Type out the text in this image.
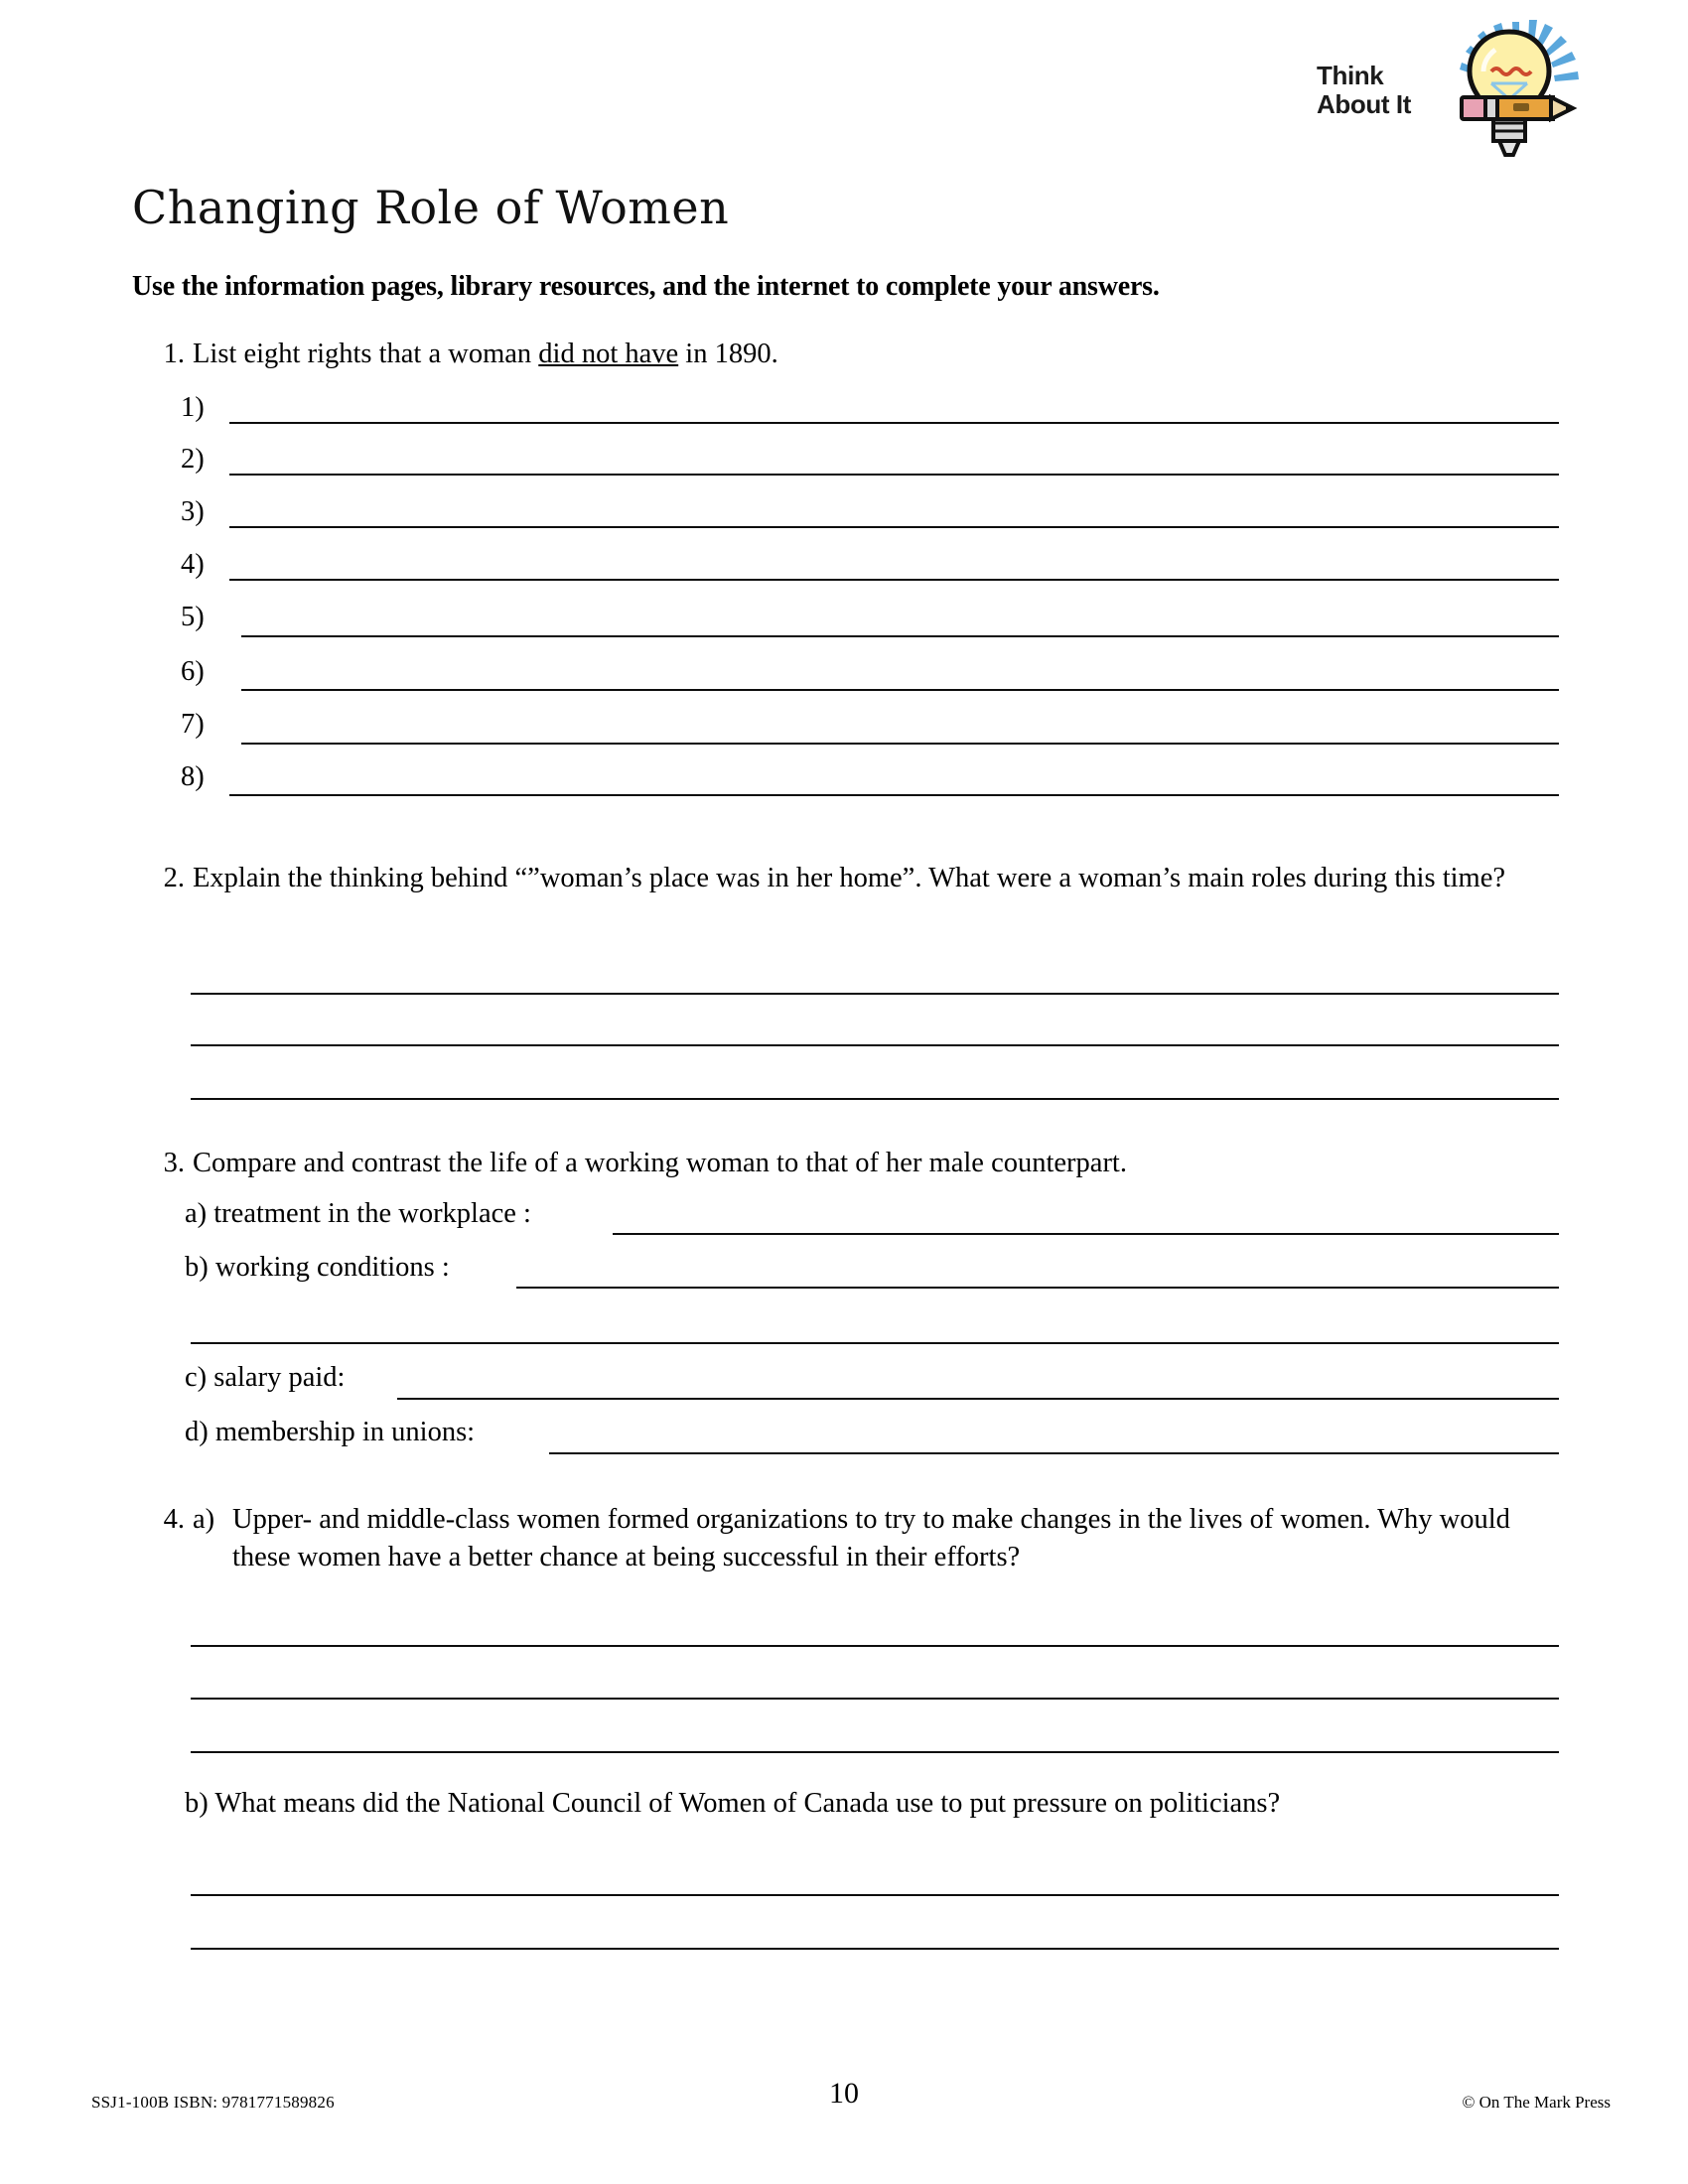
Think
About It
Changing Role of Women
Use the information pages, library resources, and the internet to complete your answers.
1. List eight rights that a woman did not have in 1890.
1)
2)
3)
4)
5)
6)
7)
8)
2. Explain the thinking behind “”woman’s place was in her home”. What were a woman’s main roles during this time?
3. Compare and contrast the life of a working woman to that of her male counterpart.
a) treatment in the workplace :
b) working conditions :
c) salary paid:
d) membership in unions:
4. a) Upper- and middle-class women formed organizations to try to make changes in the lives of women. Why would these women have a better chance at being successful in their efforts?
b) What means did the National Council of Women of Canada use to put pressure on politicians?
SSJ1-100B ISBN: 9781771589826	10	© On The Mark Press
